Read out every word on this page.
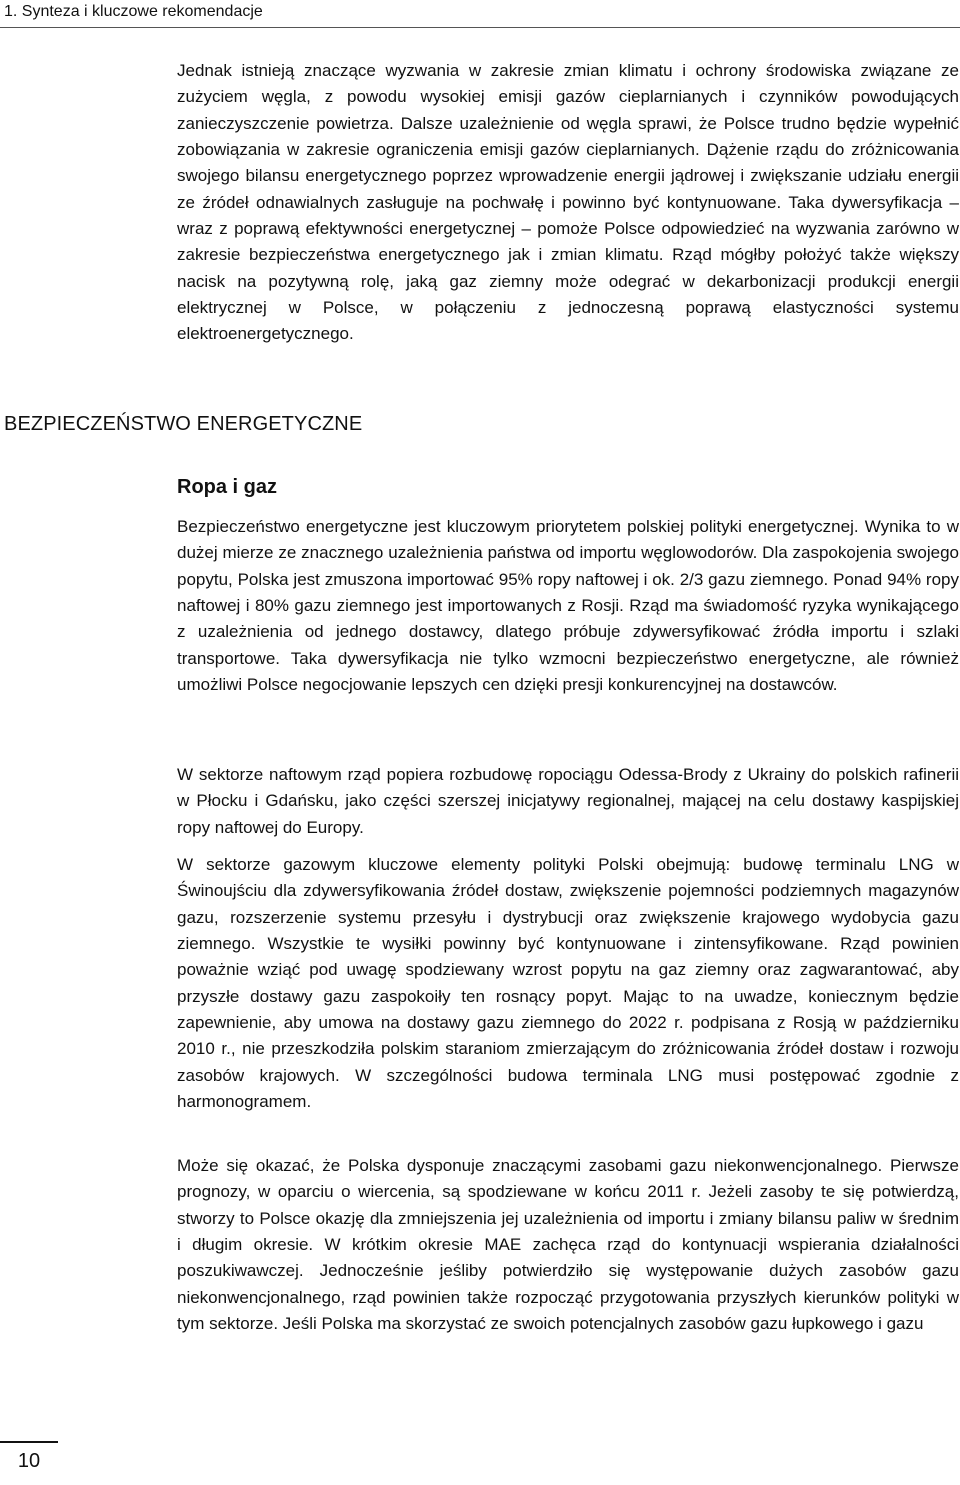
1. Synteza i kluczowe rekomendacje

Jednak istnieją znaczące wyzwania w zakresie zmian klimatu i ochrony środowiska związane ze zużyciem węgla, z powodu wysokiej emisji gazów cieplarnianych i czynników powodujących zanieczyszczenie powietrza. Dalsze uzależnienie od węgla sprawi, że Polsce trudno będzie wypełnić zobowiązania w zakresie ograniczenia emisji gazów cieplarnianych. Dążenie rządu do zróżnicowania swojego bilansu energetycznego poprzez wprowadzenie energii jądrowej i zwiększanie udziału energii ze źródeł odnawialnych zasługuje na pochwałę i powinno być kontynuowane. Taka dywersyfikacja – wraz z poprawą efektywności energetycznej – pomoże Polsce odpowiedzieć na wyzwania zarówno w zakresie bezpieczeństwa energetycznego jak i zmian klimatu. Rząd mógłby położyć także większy nacisk na pozytywną rolę, jaką gaz ziemny może odegrać w dekarbonizacji produkcji energii elektrycznej w Polsce, w połączeniu z jednoczesną poprawą elastyczności systemu elektroenergetycznego.

BEZPIECZEŃSTWO ENERGETYCZNE
Ropa i gaz

Bezpieczeństwo energetyczne jest kluczowym priorytetem polskiej polityki energetycznej. Wynika to w dużej mierze ze znacznego uzależnienia państwa od importu węglowodorów. Dla zaspokojenia swojego popytu, Polska jest zmuszona importować 95% ropy naftowej i ok. 2/3 gazu ziemnego. Ponad 94% ropy naftowej i 80% gazu ziemnego jest importowanych z Rosji. Rząd ma świadomość ryzyka wynikającego z uzależnienia od jednego dostawcy, dlatego próbuje zdywersyfikować źródła importu i szlaki transportowe. Taka dywersyfikacja nie tylko wzmocni bezpieczeństwo energetyczne, ale również umożliwi Polsce negocjowanie lepszych cen dzięki presji konkurencyjnej na dostawców.

W sektorze naftowym rząd popiera rozbudowę ropociągu Odessa-Brody z Ukrainy do polskich rafinerii w Płocku i Gdańsku, jako części szerszej inicjatywy regionalnej, mającej na celu dostawy kaspijskiej ropy naftowej do Europy.

W sektorze gazowym kluczowe elementy polityki Polski obejmują: budowę terminalu LNG w Świnoujściu dla zdywersyfikowania źródeł dostaw, zwiększenie pojemności podziemnych magazynów gazu, rozszerzenie systemu przesyłu i dystrybucji oraz zwiększenie krajowego wydobycia gazu ziemnego. Wszystkie te wysiłki powinny być kontynuowane i zintensyfikowane. Rząd powinien poważnie wziąć pod uwagę spodziewany wzrost popytu na gaz ziemny oraz zagwarantować, aby przyszłe dostawy gazu zaspokoiły ten rosnący popyt. Mając to na uwadze, koniecznym będzie zapewnienie, aby umowa na dostawy gazu ziemnego do 2022 r. podpisana z Rosją w październiku 2010 r., nie przeszkodziła polskim staraniom zmierzającym do zróżnicowania źródeł dostaw i rozwoju zasobów krajowych. W szczególności budowa terminala LNG musi postępować zgodnie z harmonogramem.

Może się okazać, że Polska dysponuje znaczącymi zasobami gazu niekonwencjonalnego. Pierwsze prognozy, w oparciu o wiercenia, są spodziewane w końcu 2011 r. Jeżeli zasoby te się potwierdzą, stworzy to Polsce okazję dla zmniejszenia jej uzależnienia od importu i zmiany bilansu paliw w średnim i długim okresie. W krótkim okresie MAE zachęca rząd do kontynuacji wspierania działalności poszukiwawczej. Jednocześnie jeśliby potwierdziło się występowanie dużych zasobów gazu niekonwencjonalnego, rząd powinien także rozpocząć przygotowania przyszłych kierunków polityki w tym sektorze. Jeśli Polska ma skorzystać ze swoich potencjalnych zasobów gazu łupkowego i gazu

10
